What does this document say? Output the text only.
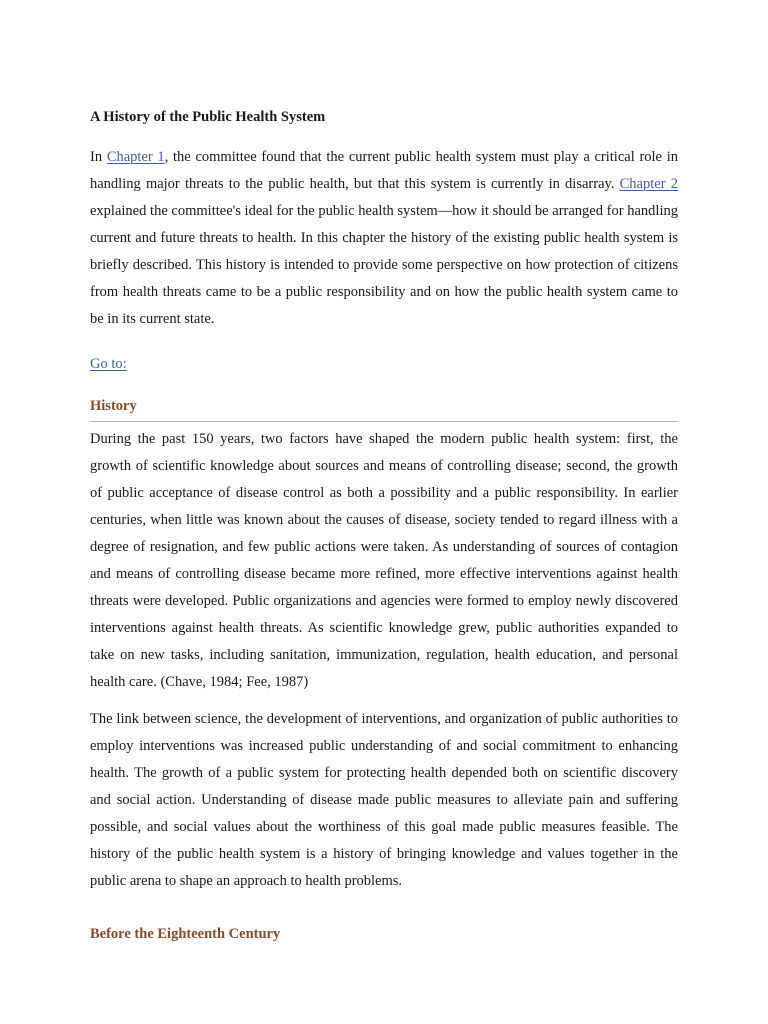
A History of the Public Health System

In Chapter 1, the committee found that the current public health system must play a critical role in handling major threats to the public health, but that this system is currently in disarray. Chapter 2 explained the committee's ideal for the public health system—how it should be arranged for handling current and future threats to health. In this chapter the history of the existing public health system is briefly described. This history is intended to provide some perspective on how protection of citizens from health threats came to be a public responsibility and on how the public health system came to be in its current state.

Go to:
History

During the past 150 years, two factors have shaped the modern public health system: first, the growth of scientific knowledge about sources and means of controlling disease; second, the growth of public acceptance of disease control as both a possibility and a public responsibility. In earlier centuries, when little was known about the causes of disease, society tended to regard illness with a degree of resignation, and few public actions were taken. As understanding of sources of contagion and means of controlling disease became more refined, more effective interventions against health threats were developed. Public organizations and agencies were formed to employ newly discovered interventions against health threats. As scientific knowledge grew, public authorities expanded to take on new tasks, including sanitation, immunization, regulation, health education, and personal health care. (Chave, 1984; Fee, 1987)

The link between science, the development of interventions, and organization of public authorities to employ interventions was increased public understanding of and social commitment to enhancing health. The growth of a public system for protecting health depended both on scientific discovery and social action. Understanding of disease made public measures to alleviate pain and suffering possible, and social values about the worthiness of this goal made public measures feasible. The history of the public health system is a history of bringing knowledge and values together in the public arena to shape an approach to health problems.

Before the Eighteenth Century
